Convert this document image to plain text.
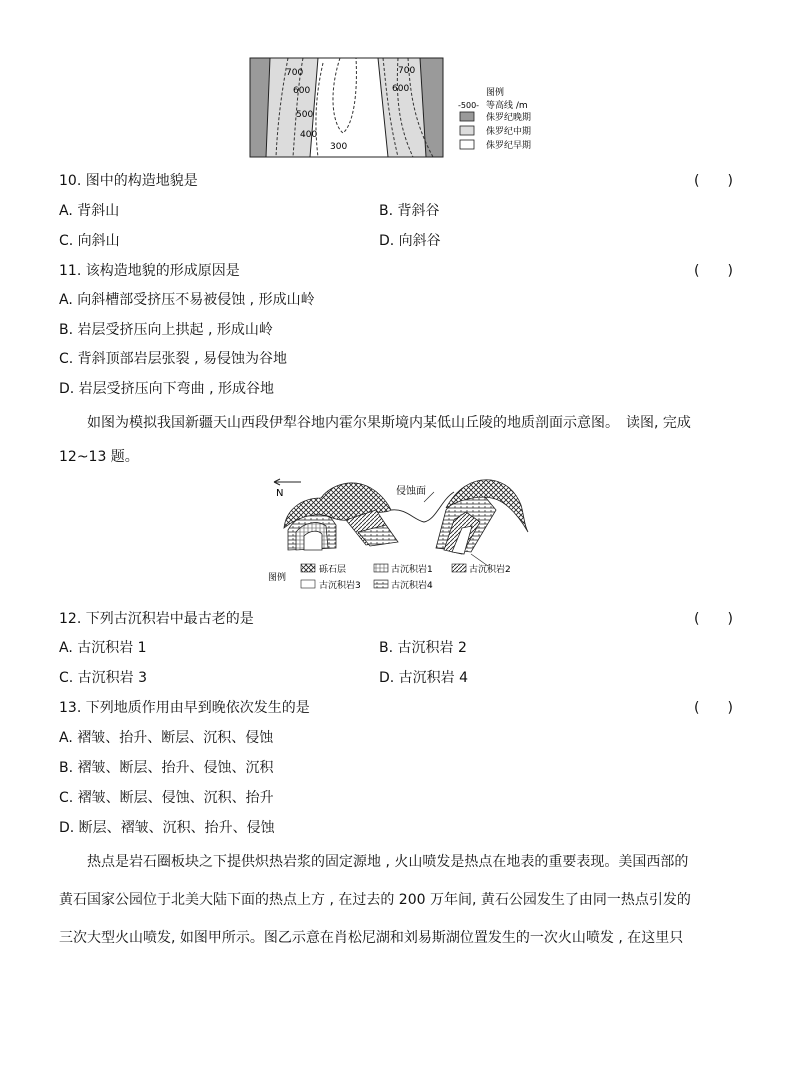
700
600
500
400
300
700
600	图例
-500- 等高线 /m
侏罗纪晚期
侏罗纪中期
侏罗纪早期
10. 图中的构造地貌是	(　　)
A. 背斜山	B. 背斜谷
C. 向斜山	D. 向斜谷
11. 该构造地貌的形成原因是	(　　)
A. 向斜槽部受挤压不易被侵蚀 , 形成山岭
B. 岩层受挤压向上拱起 , 形成山岭
C. 背斜顶部岩层张裂 , 易侵蚀为谷地
D. 岩层受挤压向下弯曲 , 形成谷地
如图为模拟我国新疆天山西段伊犁谷地内霍尔果斯境内某低山丘陵的地质剖面示意图。　读图, 完成
12~13 题。
N	侵蚀面
图例
砾石层	古沉积岩1	古沉积岩2
古沉积岩3	古沉积岩4
12. 下列古沉积岩中最古老的是	(　　)
A. 古沉积岩 1	B. 古沉积岩 2
C. 古沉积岩 3	D. 古沉积岩 4
13. 下列地质作用由早到晚依次发生的是	(　　)
A. 褶皱、抬升、断层、沉积、侵蚀
B. 褶皱、断层、抬升、侵蚀、沉积
C. 褶皱、断层、侵蚀、沉积、抬升
D. 断层、褶皱、沉积、抬升、侵蚀
热点是岩石圈板块之下提供炽热岩浆的固定源地 , 火山喷发是热点在地表的重要表现。美国西部的
黄石国家公园位于北美大陆下面的热点上方 , 在过去的 200 万年间, 黄石公园发生了由同一热点引发的
三次大型火山喷发, 如图甲所示。图乙示意在肖松尼湖和刘易斯湖位置发生的一次火山喷发 , 在这里只
